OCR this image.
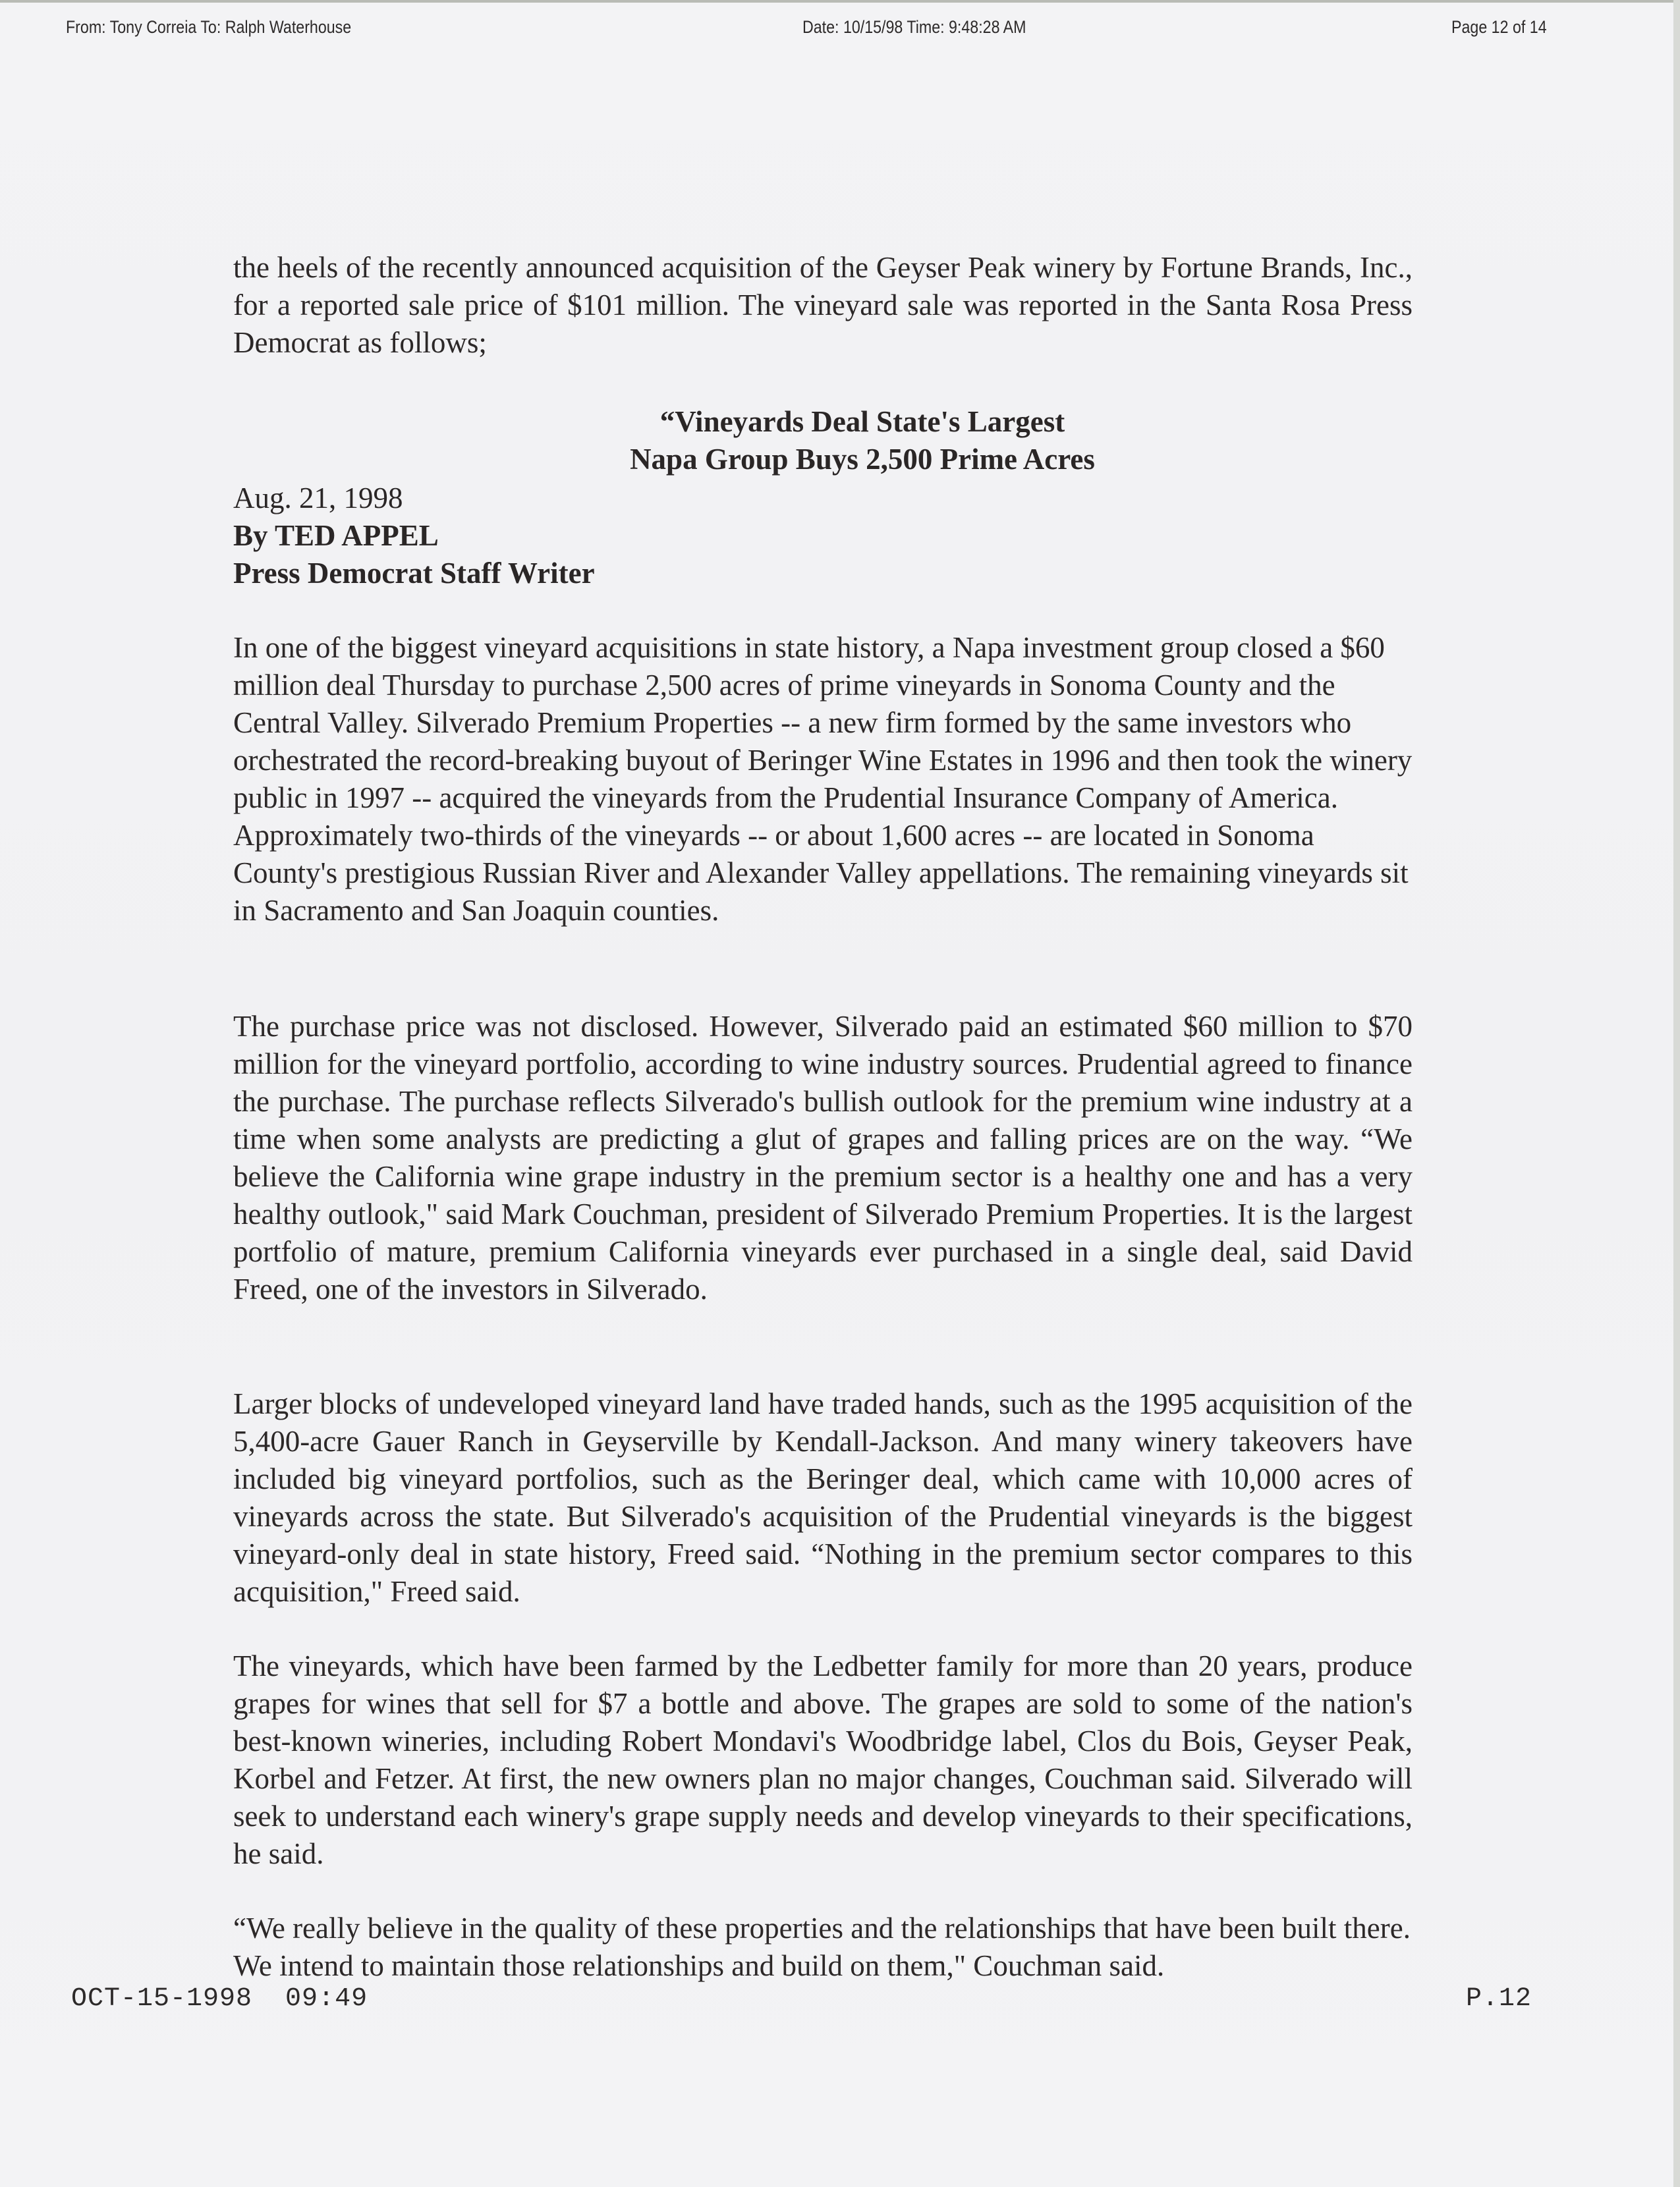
From: Tony Correia To: Ralph Waterhouse	Date: 10/15/98 Time: 9:48:28 AM	Page 12 of 14

the heels of the recently announced acquisition of the Geyser Peak winery by Fortune Brands, Inc., for a reported sale price of $101 million. The vineyard sale was reported in the Santa Rosa Press Democrat as follows;

“Vineyards Deal State's Largest
Napa Group Buys 2,500 Prime Acres
Aug. 21, 1998
By TED APPEL
Press Democrat Staff Writer

In one of the biggest vineyard acquisitions in state history, a Napa investment group closed a $60 million deal Thursday to purchase 2,500 acres of prime vineyards in Sonoma County and the Central Valley. Silverado Premium Properties -- a new firm formed by the same investors who orchestrated the record-breaking buyout of Beringer Wine Estates in 1996 and then took the winery public in 1997 -- acquired the vineyards from the Prudential Insurance Company of America. Approximately two-thirds of the vineyards -- or about 1,600 acres -- are located in Sonoma County's prestigious Russian River and Alexander Valley appellations. The remaining vineyards sit in Sacramento and San Joaquin counties.

The purchase price was not disclosed. However, Silverado paid an estimated $60 million to $70 million for the vineyard portfolio, according to wine industry sources. Prudential agreed to finance the purchase. The purchase reflects Silverado's bullish outlook for the premium wine industry at a time when some analysts are predicting a glut of grapes and falling prices are on the way. “We believe the California wine grape industry in the premium sector is a healthy one and has a very healthy outlook," said Mark Couchman, president of Silverado Premium Properties. It is the largest portfolio of mature, premium California vineyards ever purchased in a single deal, said David Freed, one of the investors in Silverado.

Larger blocks of undeveloped vineyard land have traded hands, such as the 1995 acquisition of the 5,400-acre Gauer Ranch in Geyserville by Kendall-Jackson. And many winery takeovers have included big vineyard portfolios, such as the Beringer deal, which came with 10,000 acres of vineyards across the state. But Silverado's acquisition of the Prudential vineyards is the biggest vineyard-only deal in state history, Freed said. “Nothing in the premium sector compares to this acquisition," Freed said.

The vineyards, which have been farmed by the Ledbetter family for more than 20 years, produce grapes for wines that sell for $7 a bottle and above. The grapes are sold to some of the nation's best-known wineries, including Robert Mondavi's Woodbridge label, Clos du Bois, Geyser Peak, Korbel and Fetzer. At first, the new owners plan no major changes, Couchman said. Silverado will seek to understand each winery's grape supply needs and develop vineyards to their specifications, he said.

“We really believe in the quality of these properties and the relationships that have been built there. We intend to maintain those relationships and build on them," Couchman said.

OCT-15-1998  09:49	P.12
